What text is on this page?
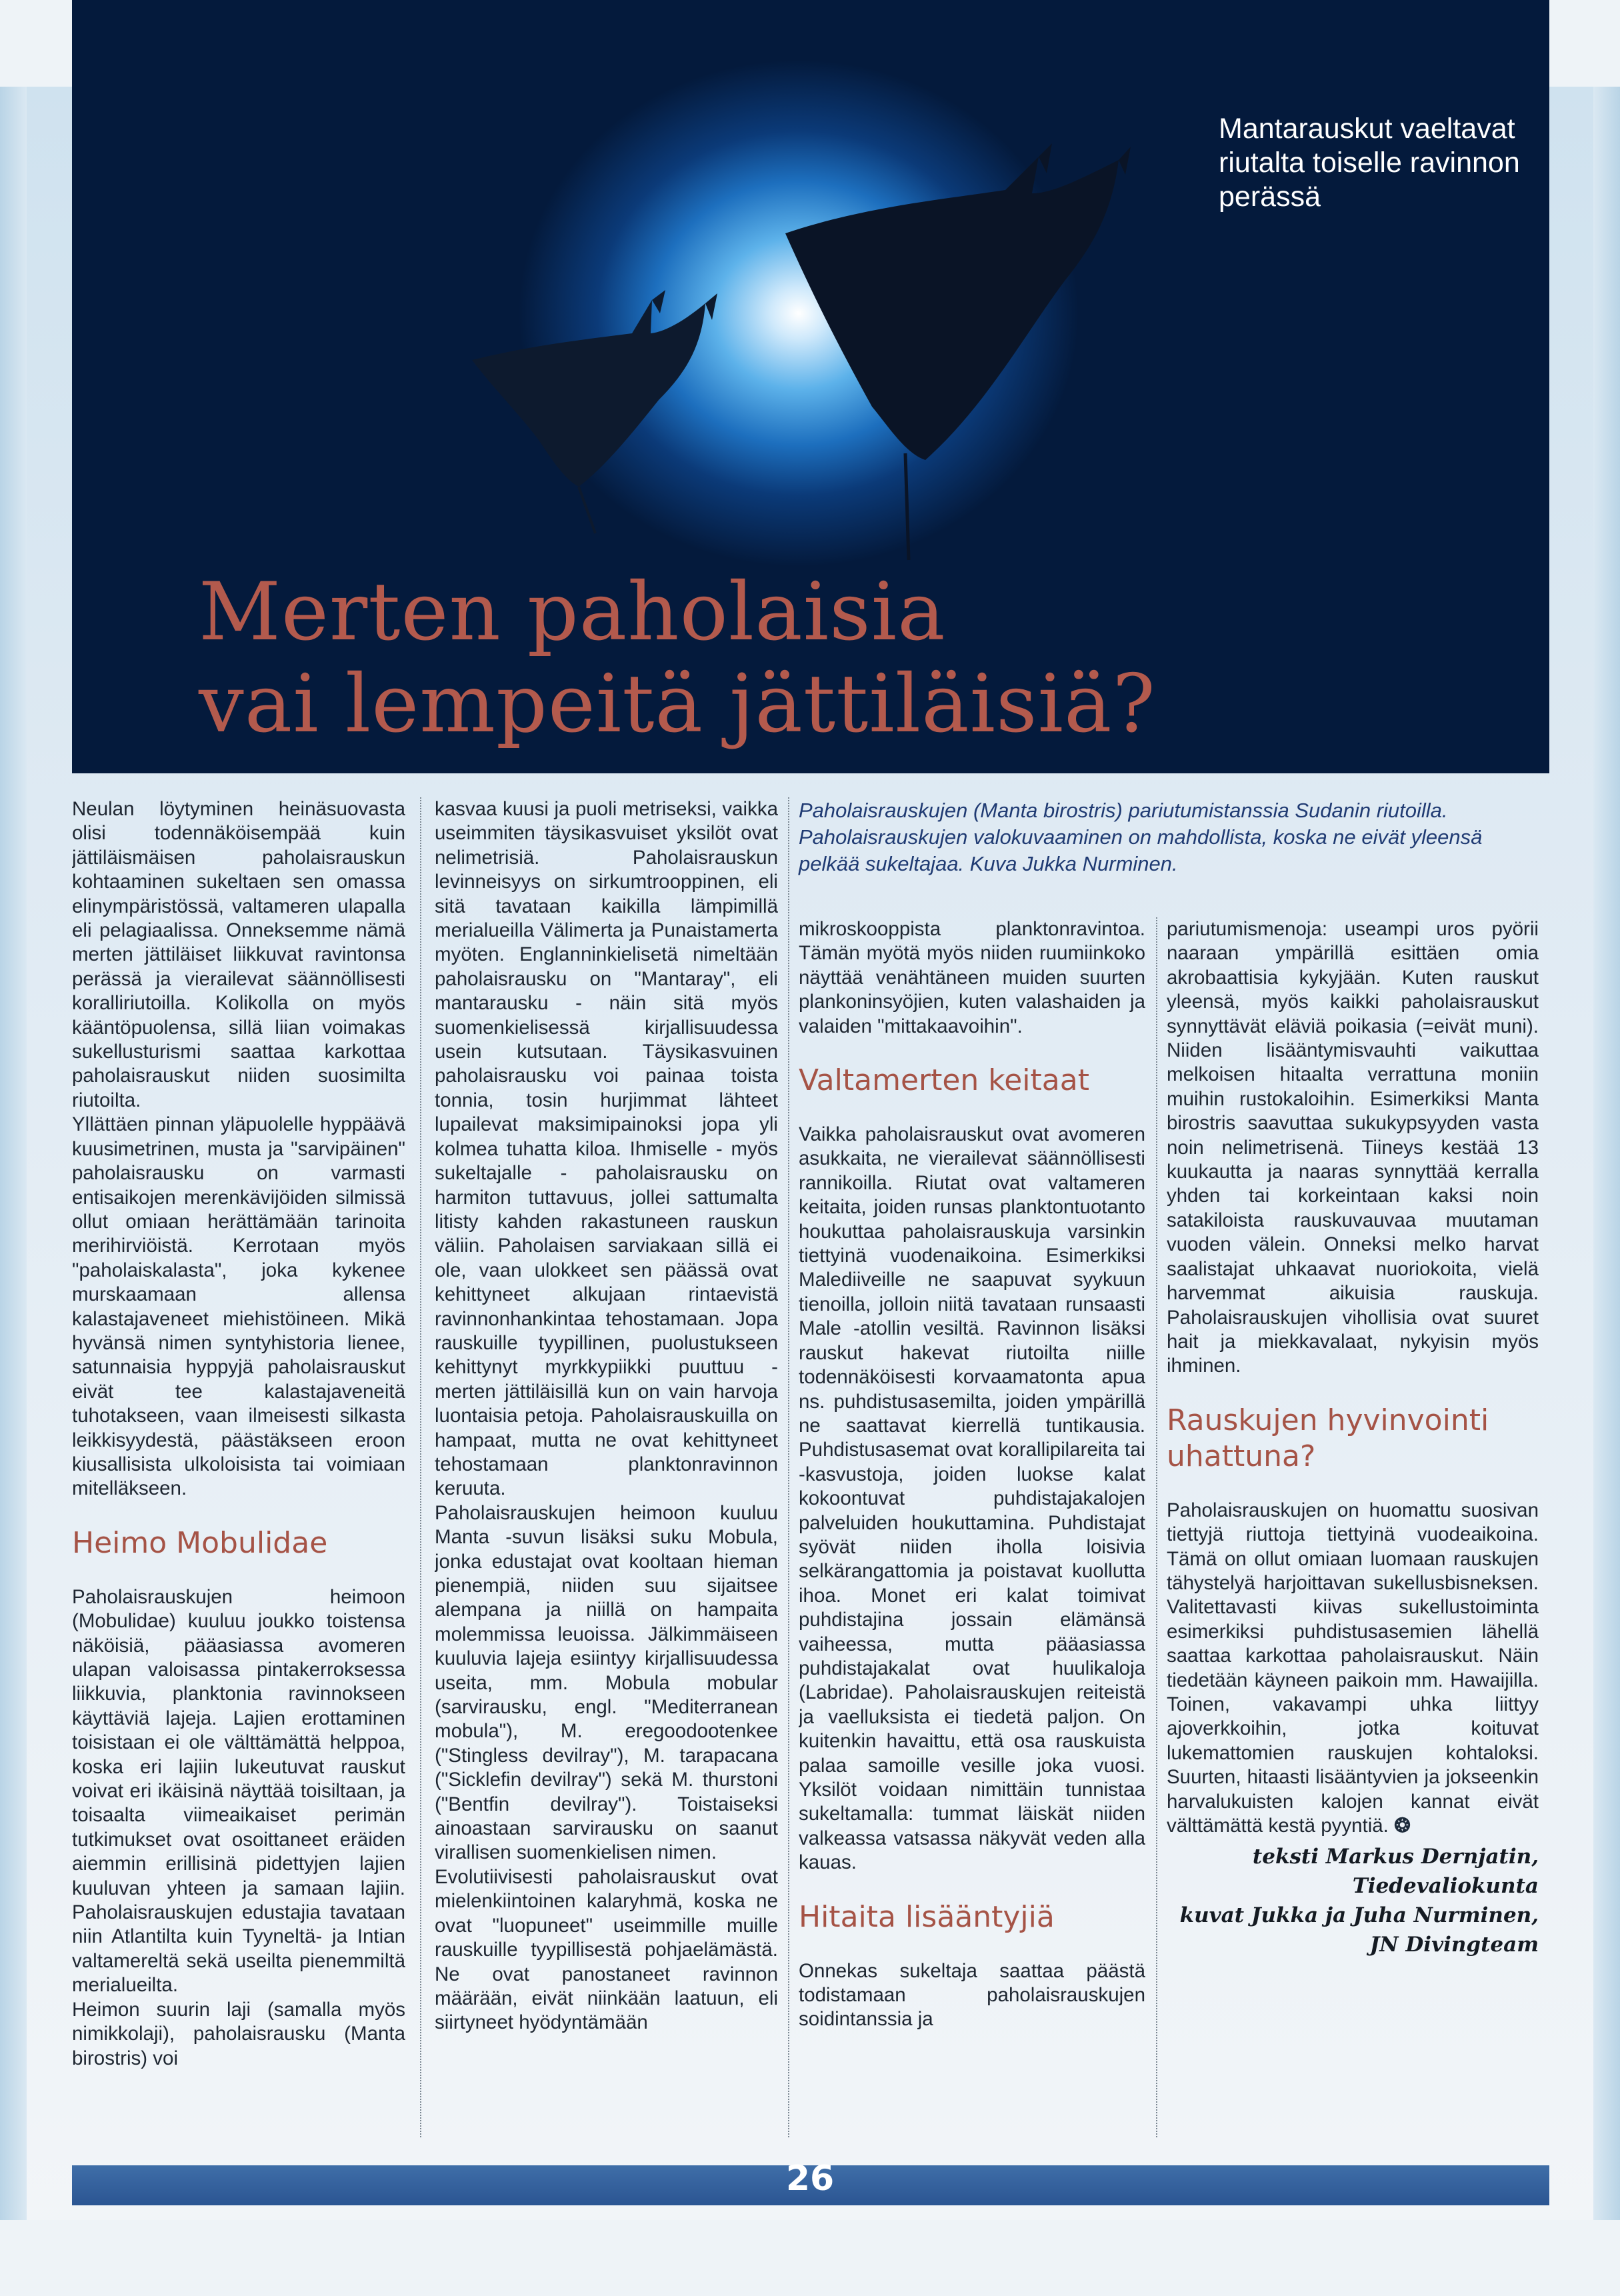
Mantarauskut vaeltavat riutalta toiselle ravinnon perässä
Merten paholaisia
vai lempeitä jättiläisiä?
Paholaisrauskujen (Manta birostris) pariutumistanssia Sudanin riutoilla. Paholaisrauskujen valokuvaaminen on mahdollista, koska ne eivät yleensä pelkää sukeltajaa. Kuva Jukka Nurminen.

Neulan löytyminen heinäsuovasta olisi todennäköisempää kuin jättiläismäisen paholaisrauskun kohtaaminen sukeltaen sen omassa elinympäristössä, valtameren ulapalla eli pelagiaalissa. Onneksemme nämä merten jättiläiset liikkuvat ravintonsa perässä ja vierailevat säännöllisesti koralliriutoilla. Kolikolla on myös kääntöpuolensa, sillä liian voimakas sukellusturismi saattaa karkottaa paholaisrauskut niiden suosimilta riutoilta.

Yllättäen pinnan yläpuolelle hyppäävä kuusimetrinen, musta ja "sarvipäinen" paholaisrausku on varmasti entisaikojen merenkävijöiden silmissä ollut omiaan herättämään tarinoita merihirviöistä. Kerrotaan myös "paholaiskalasta", joka kykenee murskaamaan allensa kalastajaveneet miehistöineen. Mikä hyvänsä nimen syntyhistoria lienee, satunnaisia hyppyjä paholaisrauskut eivät tee kalastajaveneitä tuhotakseen, vaan ilmeisesti silkasta leikkisyydestä, päästäkseen eroon kiusallisista ulkoloisista tai voimiaan mitelläkseen.

Heimo Mobulidae

Paholaisrauskujen heimoon (Mobulidae) kuuluu joukko toistensa näköisiä, pääasiassa avomeren ulapan valoisassa pintakerroksessa liikkuvia, planktonia ravinnokseen käyttäviä lajeja. Lajien erottaminen toisistaan ei ole välttämättä helppoa, koska eri lajiin lukeutuvat rauskut voivat eri ikäisinä näyttää toisiltaan, ja toisaalta viimeaikaiset perimän tutkimukset ovat osoittaneet eräiden aiemmin erillisinä pidettyjen lajien kuuluvan yhteen ja samaan lajiin. Paholaisrauskujen edustajia tavataan niin Atlantilta kuin Tyyneltä- ja Intian valtamereltä sekä useilta pienemmiltä merialueilta.

Heimon suurin laji (samalla myös nimikkolaji), paholaisrausku (Manta birostris) voi

kasvaa kuusi ja puoli metriseksi, vaikka useimmiten täysikasvuiset yksilöt ovat nelimetrisiä. Paholaisrauskun levinneisyys on sirkumtrooppinen, eli sitä tavataan kaikilla lämpimillä merialueilla Välimerta ja Punaistamerta myöten. Englanninkielisetä nimeltään paholaisrausku on "Mantaray", eli mantarausku - näin sitä myös suomenkielisessä kirjallisuudessa usein kutsutaan. Täysikasvuinen paholaisrausku voi painaa toista tonnia, tosin hurjimmat lähteet lupailevat maksimipainoksi jopa yli kolmea tuhatta kiloa. Ihmiselle - myös sukeltajalle - paholaisrausku on harmiton tuttavuus, jollei sattumalta litisty kahden rakastuneen rauskun väliin. Paholaisen sarviakaan sillä ei ole, vaan ulokkeet sen päässä ovat kehittyneet alkujaan rintaevistä ravinnonhankintaa tehostamaan. Jopa rauskuille tyypillinen, puolustukseen kehittynyt myrkkypiikki puuttuu - merten jättiläisillä kun on vain harvoja luontaisia petoja. Paholaisrauskuilla on hampaat, mutta ne ovat kehittyneet tehostamaan planktonravinnon keruuta.

Paholaisrauskujen heimoon kuuluu Manta -suvun lisäksi suku Mobula, jonka edustajat ovat kooltaan hieman pienempiä, niiden suu sijaitsee alempana ja niillä on hampaita molemmissa leuoissa. Jälkimmäiseen kuuluvia lajeja esiintyy kirjallisuudessa useita, mm. Mobula mobular (sarvirausku, engl. "Mediterranean mobula"), M. eregoodootenkee ("Stingless devilray"), M. tarapacana ("Sicklefin devilray") sekä M. thurstoni ("Bentfin devilray"). Toistaiseksi ainoastaan sarvirausku on saanut virallisen suomenkielisen nimen.

Evolutiivisesti paholaisrauskut ovat mielenkiintoinen kalaryhmä, koska ne ovat "luopuneet" useimmille muille rauskuille tyypillisestä pohjaelämästä. Ne ovat panostaneet ravinnon määrään, eivät niinkään laatuun, eli siirtyneet hyödyntämään

mikroskooppista planktonravintoa. Tämän myötä myös niiden ruumiinkoko näyttää venähtäneen muiden suurten plankoninsyöjien, kuten valashaiden ja valaiden "mittakaavoihin".

Valtamerten keitaat

Vaikka paholaisrauskut ovat avomeren asukkaita, ne vierailevat säännöllisesti rannikoilla. Riutat ovat valtameren keitaita, joiden runsas planktontuotanto houkuttaa paholaisrauskuja varsinkin tiettyinä vuodenaikoina. Esimerkiksi Malediiveille ne saapuvat syykuun tienoilla, jolloin niitä tavataan runsaasti Male -atollin vesiltä. Ravinnon lisäksi rauskut hakevat riutoilta niille todennäköisesti korvaamatonta apua ns. puhdistusasemilta, joiden ympärillä ne saattavat kierrellä tuntikausia. Puhdistusasemat ovat korallipilareita tai -kasvustoja, joiden luokse kalat kokoontuvat puhdistajakalojen palveluiden houkuttamina. Puhdistajat syövät niiden iholla loisivia selkärangattomia ja poistavat kuollutta ihoa. Monet eri kalat toimivat puhdistajina jossain elämänsä vaiheessa, mutta pääasiassa puhdistajakalat ovat huulikaloja (Labridae). Paholaisrauskujen reiteistä ja vaelluksista ei tiedetä paljon. On kuitenkin havaittu, että osa rauskuista palaa samoille vesille joka vuosi. Yksilöt voidaan nimittäin tunnistaa sukeltamalla: tummat läiskät niiden valkeassa vatsassa näkyvät veden alla kauas.

Hitaita lisääntyjiä

Onnekas sukeltaja saattaa päästä todistamaan paholaisrauskujen soidintanssia ja

pariutumismenoja: useampi uros pyörii naaraan ympärillä esittäen omia akrobaattisia kykyjään. Kuten rauskut yleensä, myös kaikki paholaisrauskut synnyttävät eläviä poikasia (=eivät muni). Niiden lisääntymisvauhti vaikuttaa melkoisen hitaalta verrattuna moniin muihin rustokaloihin. Esimerkiksi Manta birostris saavuttaa sukukypsyyden vasta noin nelimetrisenä. Tiineys kestää 13 kuukautta ja naaras synnyttää kerralla yhden tai korkeintaan kaksi noin satakiloista rauskuvauvaa muutaman vuoden välein. Onneksi melko harvat saalistajat uhkaavat nuoriokoita, vielä harvemmat aikuisia rauskuja. Paholaisrauskujen vihollisia ovat suuret hait ja miekkavalaat, nykyisin myös ihminen.

Rauskujen hyvinvointi uhattuna?

Paholaisrauskujen on huomattu suosivan tiettyjä riuttoja tiettyinä vuodeaikoina. Tämä on ollut omiaan luomaan rauskujen tähystelyä harjoittavan sukellusbisneksen. Valitettavasti kiivas sukellustoiminta esimerkiksi puhdistusasemien lähellä saattaa karkottaa paholaisrauskut. Näin tiedetään käyneen paikoin mm. Hawaijilla. Toinen, vakavampi uhka liittyy ajoverkkoihin, jotka koituvat lukemattomien rauskujen kohtaloksi. Suurten, hitaasti lisääntyvien ja jokseenkin harvalukuisten kalojen kannat eivät välttämättä kestä pyyntiä. ❂

teksti Markus Dernjatin,
Tiedevaliokunta
kuvat Jukka ja Juha Nurminen,
JN Divingteam
26
